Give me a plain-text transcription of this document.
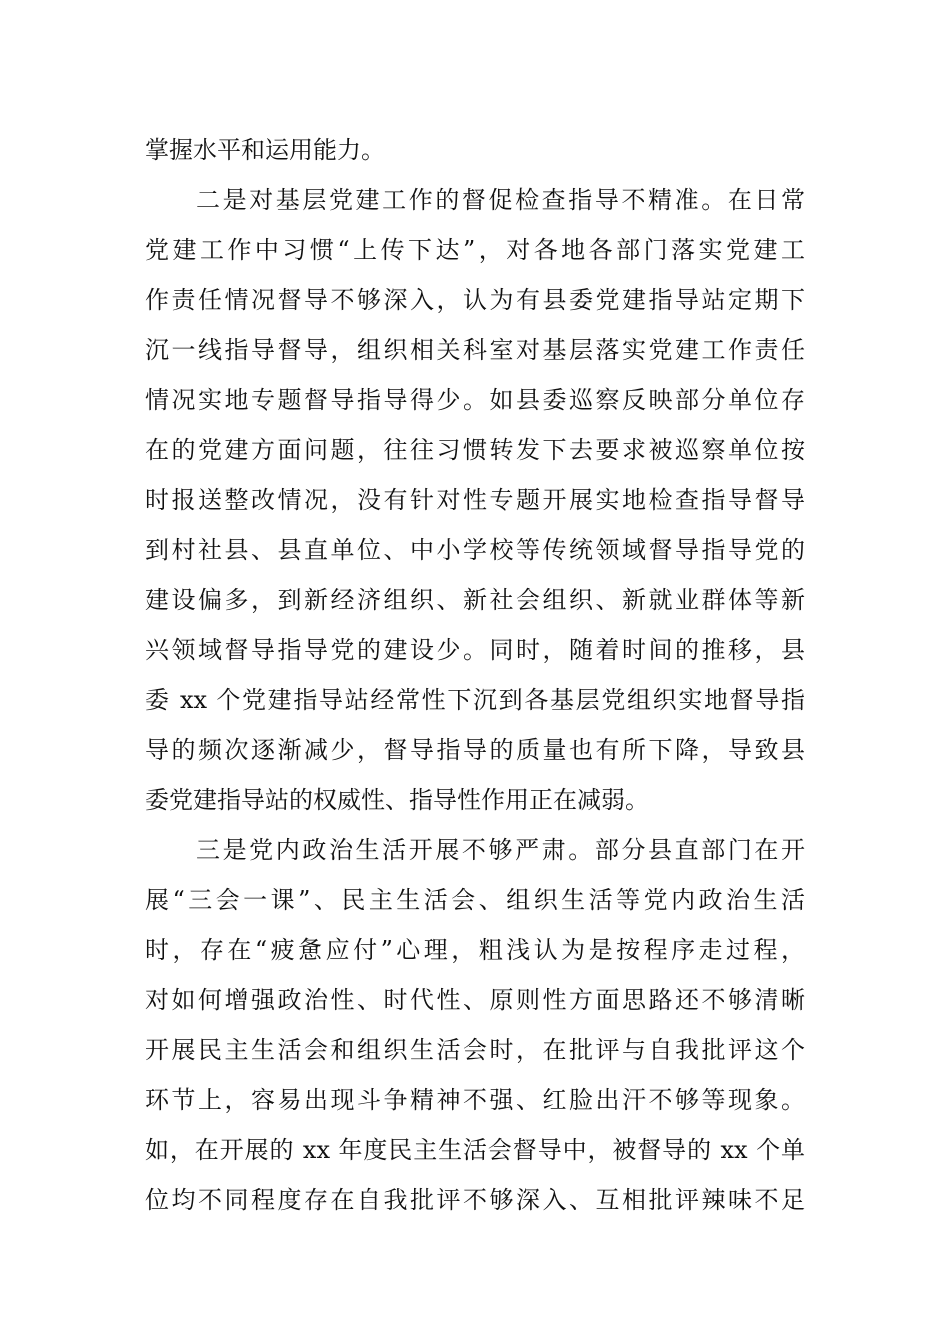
掌握水平和运用能力。
二是对基层党建工作的督促检查指导不精准。在日常
党建工作中习惯“上传下达”，对各地各部门落实党建工
作责任情况督导不够深入，认为有县委党建指导站定期下
沉一线指导督导，组织相关科室对基层落实党建工作责任
情况实地专题督导指导得少。如县委巡察反映部分单位存
在的党建方面问题，往往习惯转发下去要求被巡察单位按
时报送整改情况，没有针对性专题开展实地检查指导督导
到村社县、县直单位、中小学校等传统领域督导指导党的
建设偏多，到新经济组织、新社会组织、新就业群体等新
兴领域督导指导党的建设少。同时，随着时间的推移，县
委 xx 个党建指导站经常性下沉到各基层党组织实地督导指
导的频次逐渐减少，督导指导的质量也有所下降，导致县
委党建指导站的权威性、指导性作用正在减弱。
三是党内政治生活开展不够严肃。部分县直部门在开
展“三会一课”、民主生活会、组织生活等党内政治生活
时，存在“疲惫应付”心理，粗浅认为是按程序走过程，
对如何增强政治性、时代性、原则性方面思路还不够清晰
开展民主生活会和组织生活会时，在批评与自我批评这个
环节上，容易出现斗争精神不强、红脸出汗不够等现象。
如，在开展的 xx 年度民主生活会督导中，被督导的 xx 个单
位均不同程度存在自我批评不够深入、互相批评辣味不足
